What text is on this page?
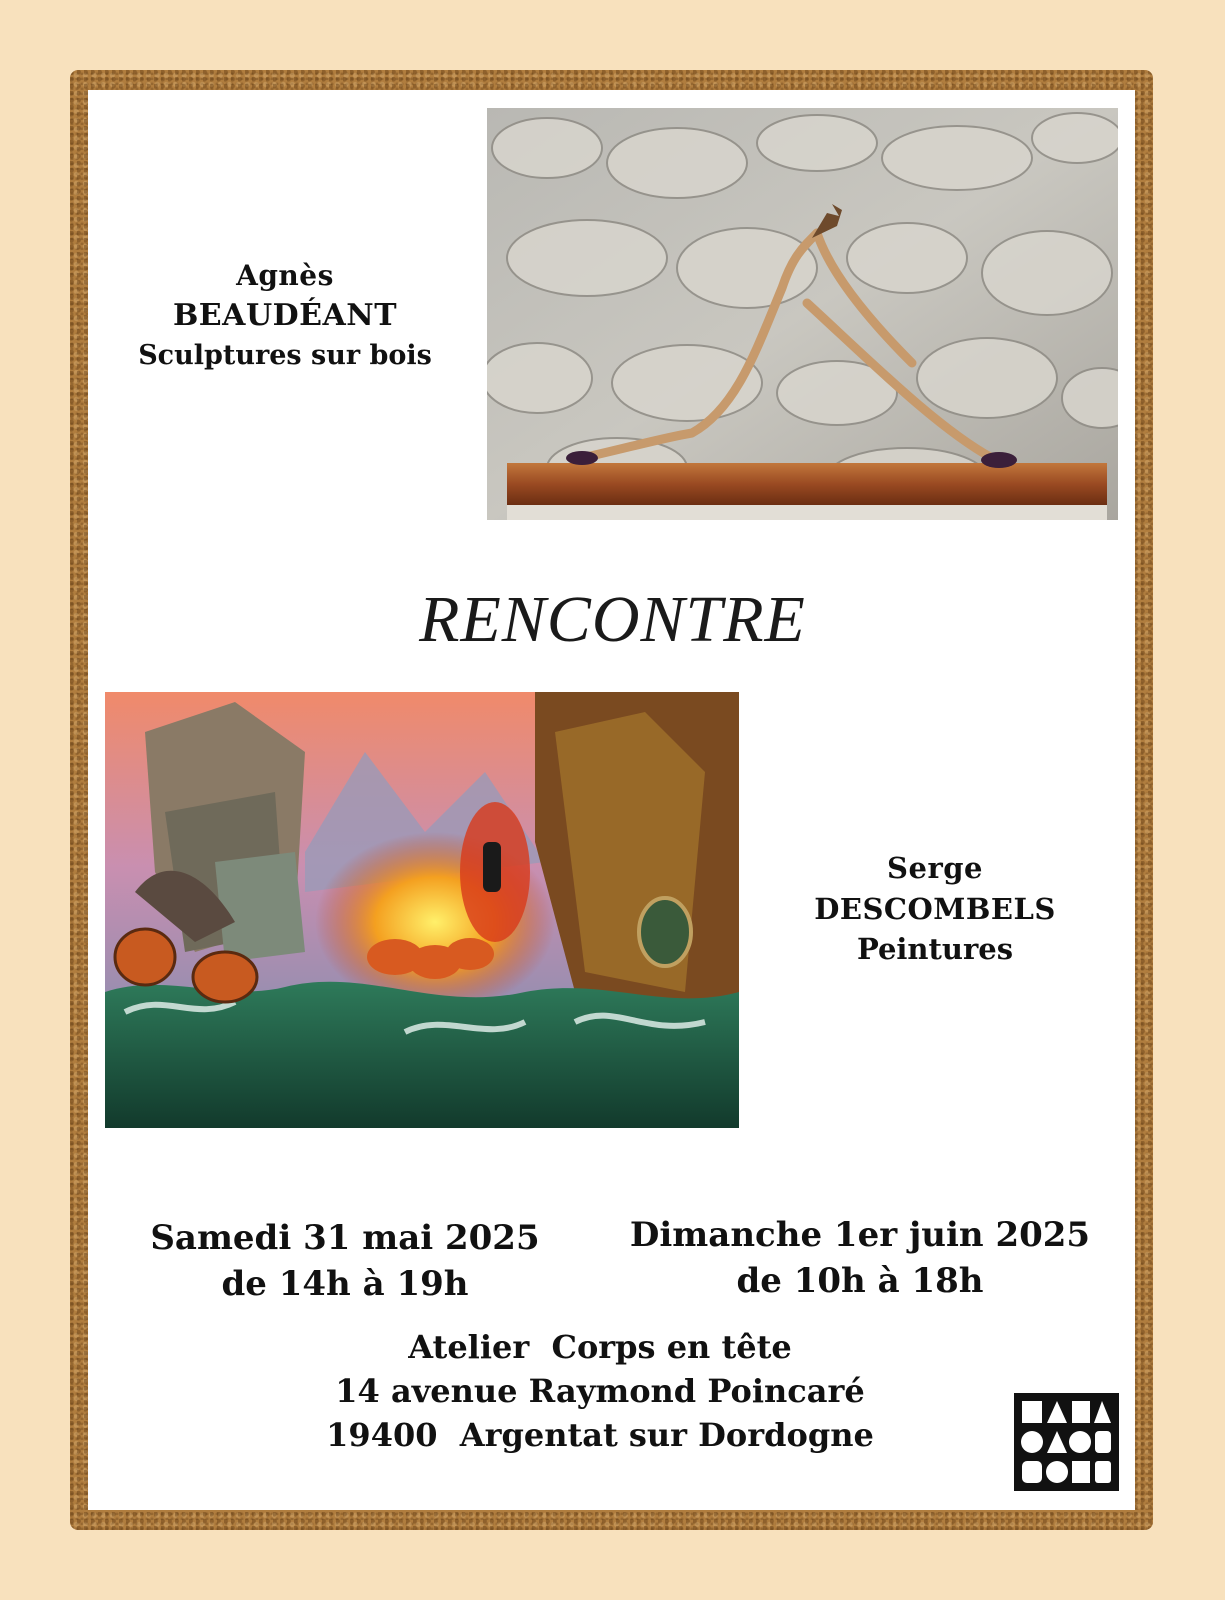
Agnès
BEAUDÉANT
Sculptures sur bois
RENCONTRE
Serge
DESCOMBELS
Peintures
Samedi 31 mai 2025
de 14h à 19h
Dimanche 1er juin 2025
de 10h à 18h
Atelier  Corps en tête
14 avenue Raymond Poincaré
19400  Argentat sur Dordogne
